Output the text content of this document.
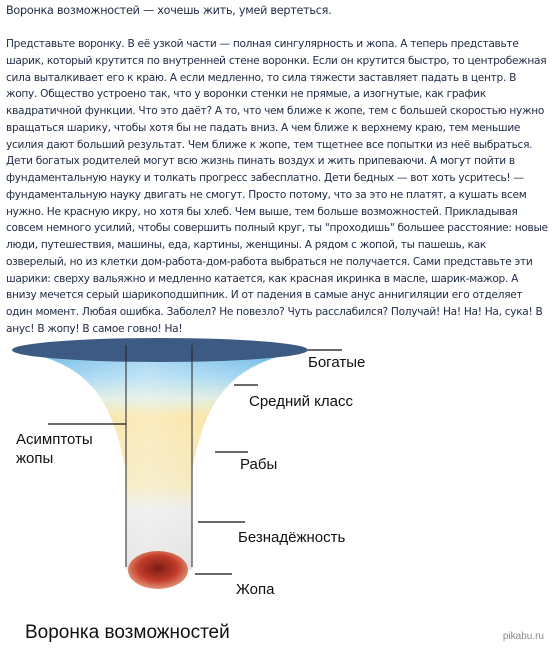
Воронка возможностей — хочешь жить, умей вертеться.

Представьте воронку. В её узкой части — полная сингулярность и жопа. А теперь представьте шарик, который крутится по внутренней стене воронки. Если он крутится быстро, то центробежная сила выталкивает его к краю. А если медленно, то сила тяжести заставляет падать в центр. В жопу. Общество устроено так, что у воронки стенки не прямые, а изогнутые, как график квадратичной функции. Что это даёт? А то, что чем ближе к жопе, тем с большей скоростью нужно вращаться шарику, чтобы хотя бы не падать вниз. А чем ближе к верхнему краю, тем меньшие усилия дают больший результат. Чем ближе к жопе, тем тщетнее все попытки из неё выбраться. Дети богатых родителей могут всю жизнь пинать воздух и жить припеваючи. А могут пойти в фундаментальную науку и толкать прогресс забесплатно. Дети бедных — вот хоть усритесь! — фундаментальную науку двигать не смогут. Просто потому, что за это не платят, а кушать всем нужно. Не красную икру, но хотя бы хлеб. Чем выше, тем больше возможностей. Прикладывая совсем немного усилий, чтобы совершить полный круг, ты "проходишь" большее расстояние: новые люди, путешествия, машины, еда, картины, женщины. А рядом с жопой, ты пашешь, как озверелый, но из клетки дом-работа-дом-работа выбраться не получается. Сами представьте эти шарики: сверху вальяжно и медленно катается, как красная икринка в масле, шарик-мажор. А внизу мечется серый шарикоподшипник. И от падения в самые анус аннигиляции его отделяет один момент. Любая ошибка. Заболел? Не повезло? Чуть расслабился? Получай! На! На! На, сука! В анус! В жопу! В самое говно! На!

Богатые
Средний класс
Рабы
Безнадёжность
Жопа
Асимптоты
жопы
Воронка возможностей	pikabu.ru
